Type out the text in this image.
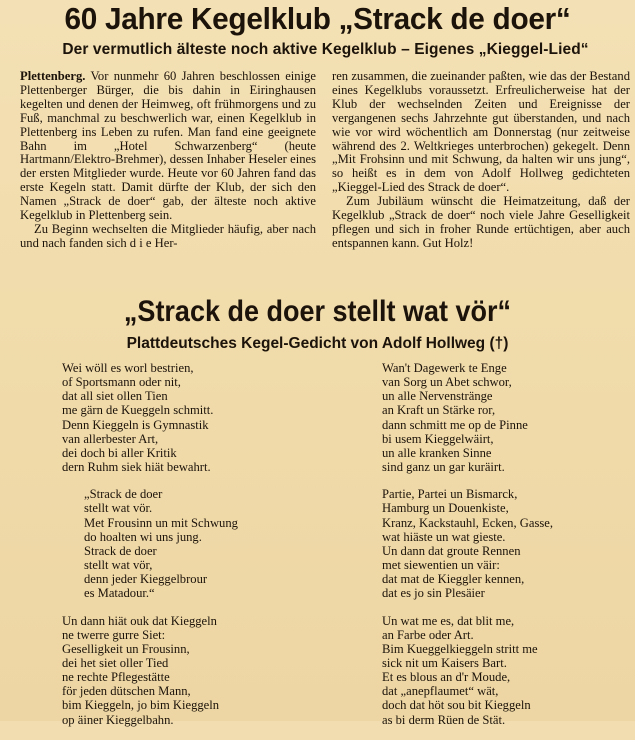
60 Jahre Kegelklub „Strack de doer“
Der vermutlich älteste noch aktive Kegelklub – Eigenes „Kieggel-Lied“

Plettenberg. Vor nunmehr 60 Jahren beschlossen einige Plettenberger Bürger, die bis dahin in Eiringhausen kegelten und denen der Heimweg, oft frühmorgens und zu Fuß, manchmal zu beschwerlich war, einen Kegelklub in Plettenberg ins Leben zu rufen. Man fand eine geeignete Bahn im „Hotel Schwarzenberg“ (heute Hartmann/Elektro-Brehmer), dessen Inhaber Heseler eines der ersten Mitglieder wurde. Heute vor 60 Jahren fand das erste Kegeln statt. Damit dürfte der Klub, der sich den Namen „Strack de doer“ gab, der älteste noch aktive Kegelklub in Plettenberg sein.

Zu Beginn wechselten die Mitglieder häufig, aber nach und nach fanden sich d i e Her-

ren zusammen, die zueinander paßten, wie das der Bestand eines Kegelklubs voraussetzt. Erfreulicherweise hat der Klub der wechselnden Zeiten und Ereignisse der vergangenen sechs Jahrzehnte gut überstanden, und nach wie vor wird wöchentlich am Donnerstag (nur zeitweise während des 2. Weltkrieges unterbrochen) gekegelt. Denn „Mit Frohsinn und mit Schwung, da halten wir uns jung“, so heißt es in dem von Adolf Hollweg gedichteten „Kieggel-Lied des Strack de doer“.

Zum Jubiläum wünscht die Heimatzeitung, daß der Kegelklub „Strack de doer“ noch viele Jahre Geselligkeit pflegen und sich in froher Runde ertüchtigen, aber auch entspannen kann. Gut Holz!

„Strack de doer stellt wat vör“
Plattdeutsches Kegel-Gedicht von Adolf Hollweg (†)
Wei wöll es worl bestrien,
of Sportsmann oder nit,
dat all siet ollen Tien
me gärn de Kueggeln schmitt.
Denn Kieggeln is Gymnastik
van allerbester Art,
dei doch bi aller Kritik
dern Ruhm siek hiät bewahrt.
„Strack de doer
stellt wat vör.
Met Frousinn un mit Schwung
do hoalten wi uns jung.
Strack de doer
stellt wat vör,
denn jeder Kieggelbrour
es Matadour.“
Un dann hiät ouk dat Kieggeln
ne twerre gurre Siet:
Geselligkeit un Frousinn,
dei het siet oller Tied
ne rechte Pflegestätte
för jeden dütschen Mann,
bim Kieggeln, jo bim Kieggeln
op äiner Kieggelbahn.
Wan't Dagewerk te Enge
van Sorg un Abet schwor,
un alle Nervenstränge
an Kraft un Stärke ror,
dann schmitt me op de Pinne
bi usem Kieggelwäirt,
un alle kranken Sinne
sind ganz un gar kuräirt.
Partie, Partei un Bismarck,
Hamburg un Douenkiste,
Kranz, Kackstauhl, Ecken, Gasse,
wat hiäste un wat gieste.
Un dann dat groute Rennen
met siewentien un väir:
dat mat de Kieggler kennen,
dat es jo sin Plesäier
Un wat me es, dat blit me,
an Farbe oder Art.
Bim Kueggelkieggeln stritt me
sick nit um Kaisers Bart.
Et es blous an d'r Moude,
dat „anepflaumet“ wät,
doch dat höt sou bit Kieggeln
as bi derm Rüen de Stät.
